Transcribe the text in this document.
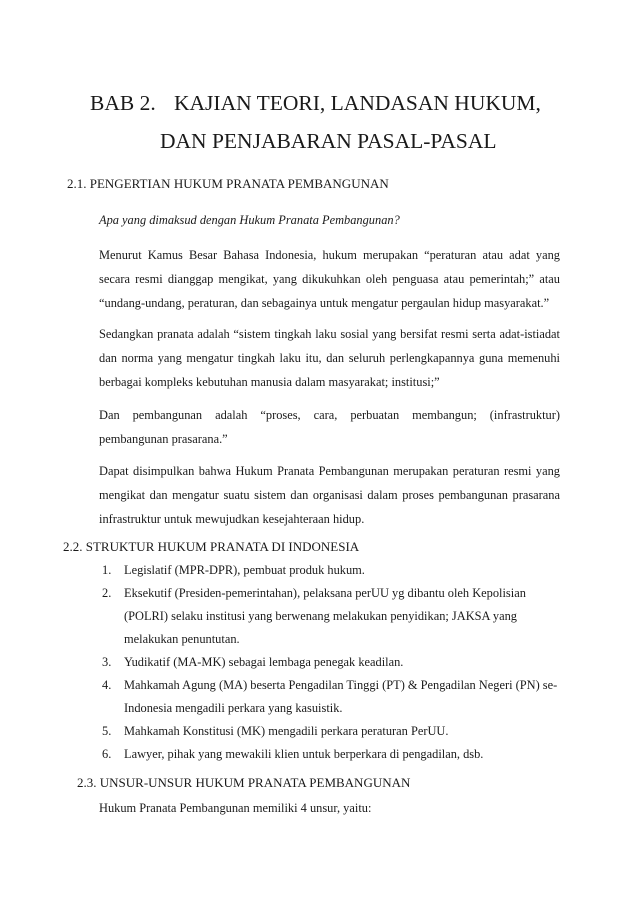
BAB 2. KAJIAN TEORI, LANDASAN HUKUM,
DAN PENJABARAN PASAL-PASAL
2.1. PENGERTIAN HUKUM PRANATA PEMBANGUNAN
Apa yang dimaksud dengan Hukum Pranata Pembangunan?
Menurut Kamus Besar Bahasa Indonesia, hukum merupakan “peraturan atau adat yang secara resmi dianggap mengikat, yang dikukuhkan oleh penguasa atau pemerintah;” atau “undang-undang, peraturan, dan sebagainya untuk mengatur pergaulan hidup masyarakat.”
Sedangkan pranata adalah “sistem tingkah laku sosial yang bersifat resmi serta adat-istiadat dan norma yang mengatur tingkah laku itu, dan seluruh perlengkapannya guna memenuhi berbagai kompleks kebutuhan manusia dalam masyarakat; institusi;”
Dan pembangunan adalah “proses, cara, perbuatan membangun; (infrastruktur) pembangunan prasarana.”
Dapat disimpulkan bahwa Hukum Pranata Pembangunan merupakan peraturan resmi yang mengikat dan mengatur suatu sistem dan organisasi dalam proses pembangunan prasarana infrastruktur untuk mewujudkan kesejahteraan hidup.
2.2. STRUKTUR HUKUM PRANATA DI INDONESIA
1. Legislatif (MPR-DPR), pembuat produk hukum.
2. Eksekutif (Presiden-pemerintahan), pelaksana perUU yg dibantu oleh Kepolisian (POLRI) selaku institusi yang berwenang melakukan penyidikan; JAKSA yang melakukan penuntutan.
3. Yudikatif (MA-MK) sebagai lembaga penegak keadilan.
4. Mahkamah Agung (MA) beserta Pengadilan Tinggi (PT) & Pengadilan Negeri (PN) se-Indonesia mengadili perkara yang kasuistik.
5. Mahkamah Konstitusi (MK) mengadili perkara peraturan PerUU.
6. Lawyer, pihak yang mewakili klien untuk berperkara di pengadilan, dsb.
2.3. UNSUR-UNSUR HUKUM PRANATA PEMBANGUNAN
Hukum Pranata Pembangunan memiliki 4 unsur, yaitu:
